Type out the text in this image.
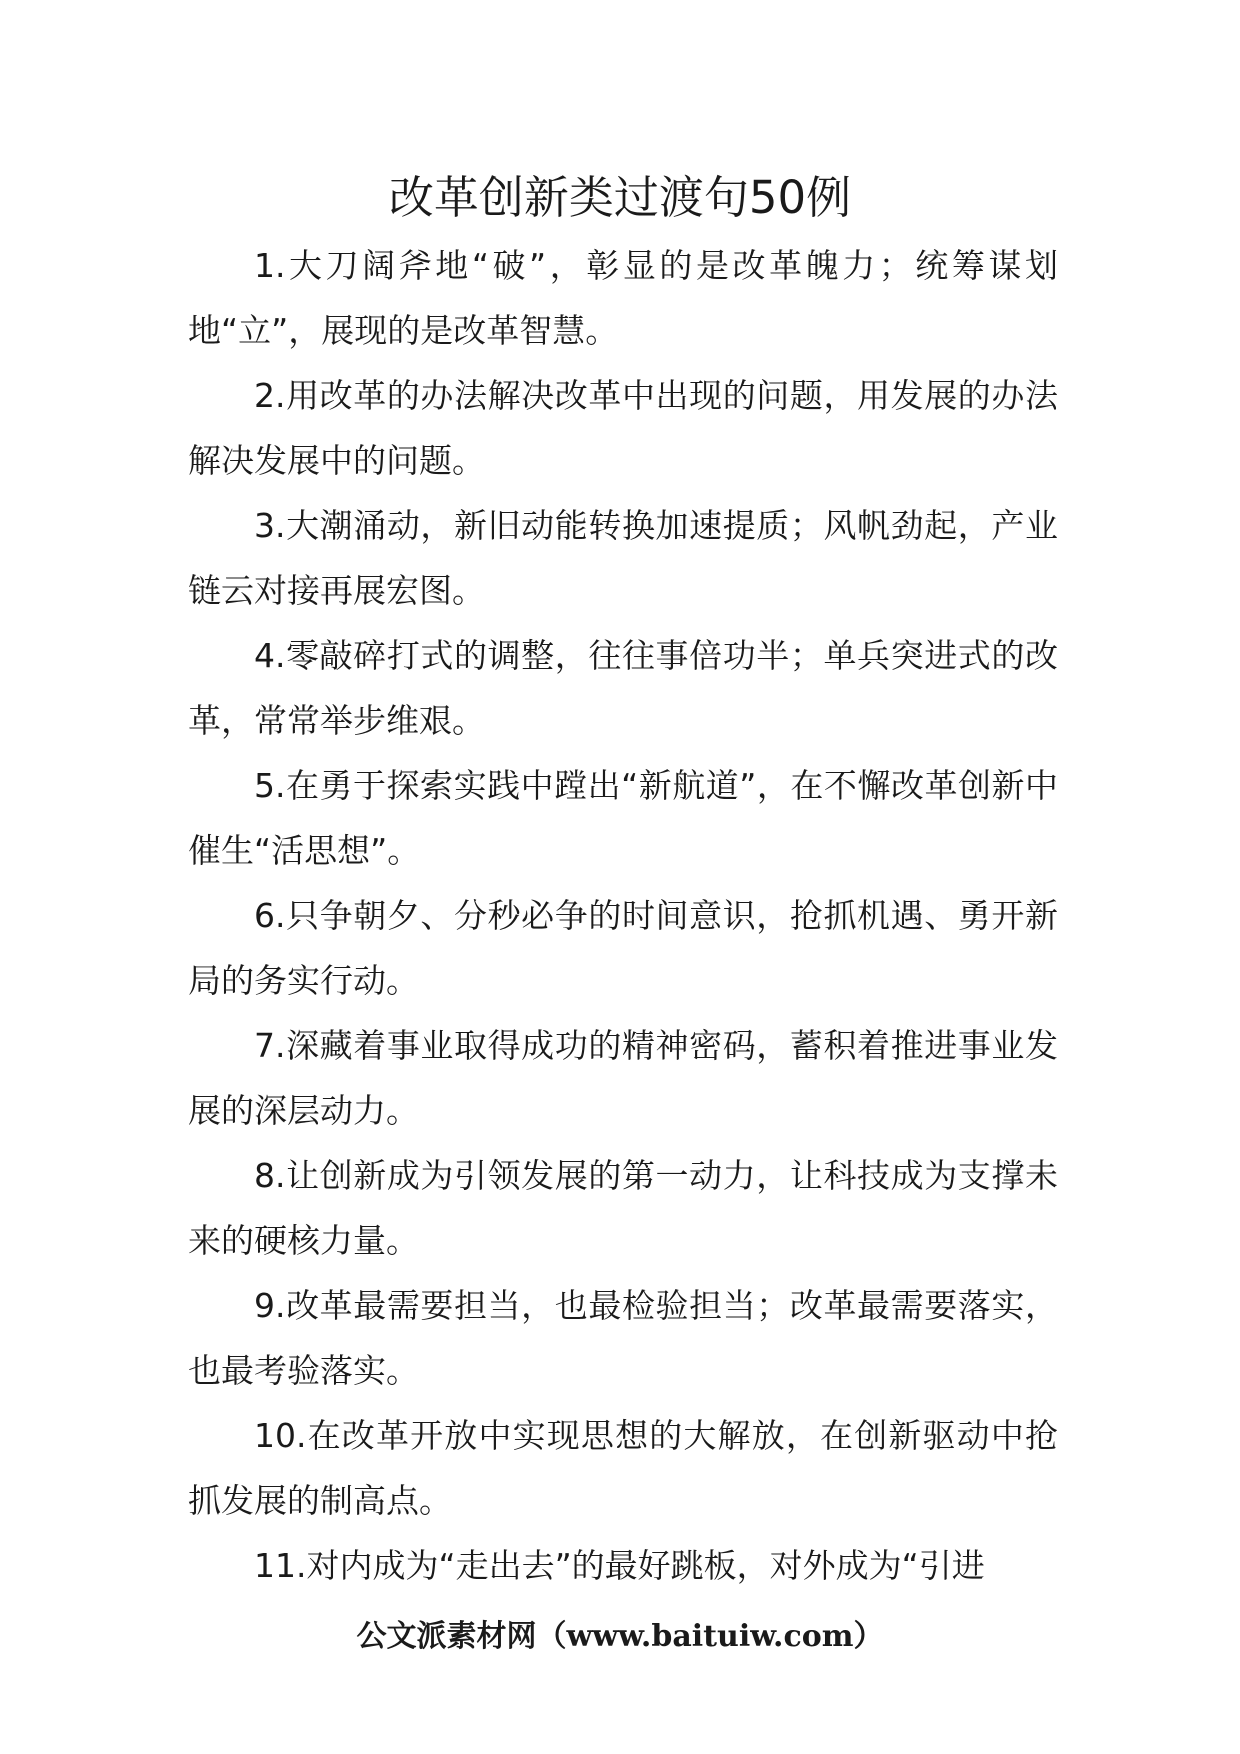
改革创新类过渡句50例

1.大刀阔斧地“破”，彰显的是改革魄力；统筹谋划地“立”，展现的是改革智慧。

2.用改革的办法解决改革中出现的问题，用发展的办法解决发展中的问题。

3.大潮涌动，新旧动能转换加速提质；风帆劲起，产业链云对接再展宏图。

4.零敲碎打式的调整，往往事倍功半；单兵突进式的改革，常常举步维艰。

5.在勇于探索实践中蹚出“新航道”，在不懈改革创新中催生“活思想”。

6.只争朝夕、分秒必争的时间意识，抢抓机遇、勇开新局的务实行动。

7.深藏着事业取得成功的精神密码，蓄积着推进事业发展的深层动力。

8.让创新成为引领发展的第一动力，让科技成为支撑未来的硬核力量。

9.改革最需要担当，也最检验担当；改革最需要落实，也最考验落实。

10.在改革开放中实现思想的大解放，在创新驱动中抢抓发展的制高点。

11.对内成为“走出去”的最好跳板，对外成为“引进

公文派素材网（www.baituiw.com）
